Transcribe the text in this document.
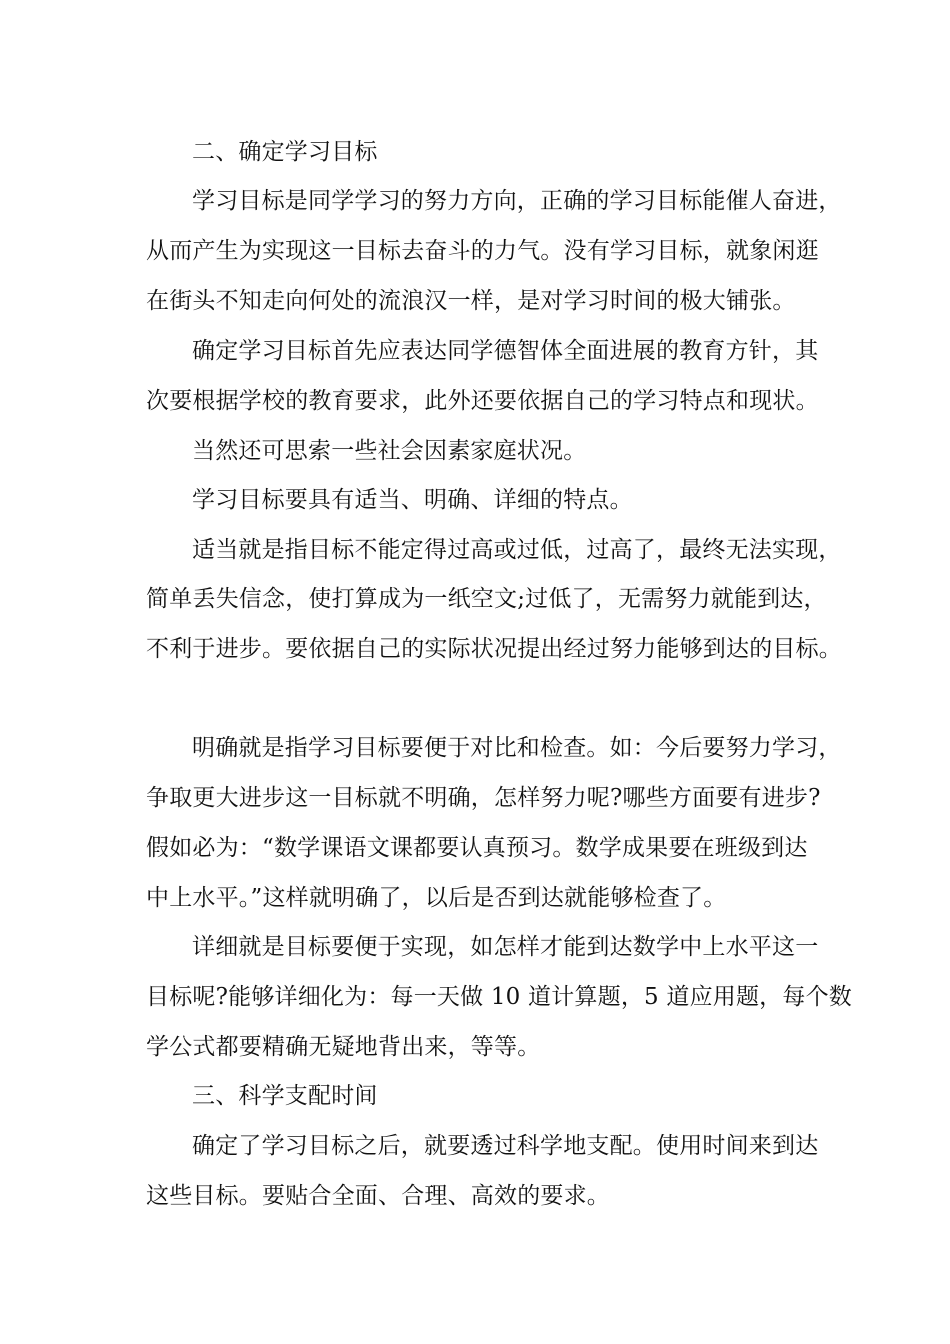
二、确定学习目标
学习目标是同学学习的努力方向，正确的学习目标能催人奋进，
从而产生为实现这一目标去奋斗的力气。没有学习目标，就象闲逛
在街头不知走向何处的流浪汉一样，是对学习时间的极大铺张。
确定学习目标首先应表达同学德智体全面进展的教育方针，其
次要根据学校的教育要求，此外还要依据自己的学习特点和现状。
当然还可思索一些社会因素家庭状况。
学习目标要具有适当、明确、详细的特点。
适当就是指目标不能定得过高或过低，过高了，最终无法实现，
简单丢失信念，使打算成为一纸空文;过低了，无需努力就能到达，
不利于进步。要依据自己的实际状况提出经过努力能够到达的目标。
明确就是指学习目标要便于对比和检查。如：今后要努力学习，
争取更大进步这一目标就不明确，怎样努力呢?哪些方面要有进步?
假如必为：“数学课语文课都要认真预习。数学成果要在班级到达
中上水平。”这样就明确了，以后是否到达就能够检查了。
详细就是目标要便于实现，如怎样才能到达数学中上水平这一
目标呢?能够详细化为：每一天做 10 道计算题，5 道应用题，每个数
学公式都要精确无疑地背出来，等等。
三、科学支配时间
确定了学习目标之后，就要透过科学地支配。使用时间来到达
这些目标。要贴合全面、合理、高效的要求。
